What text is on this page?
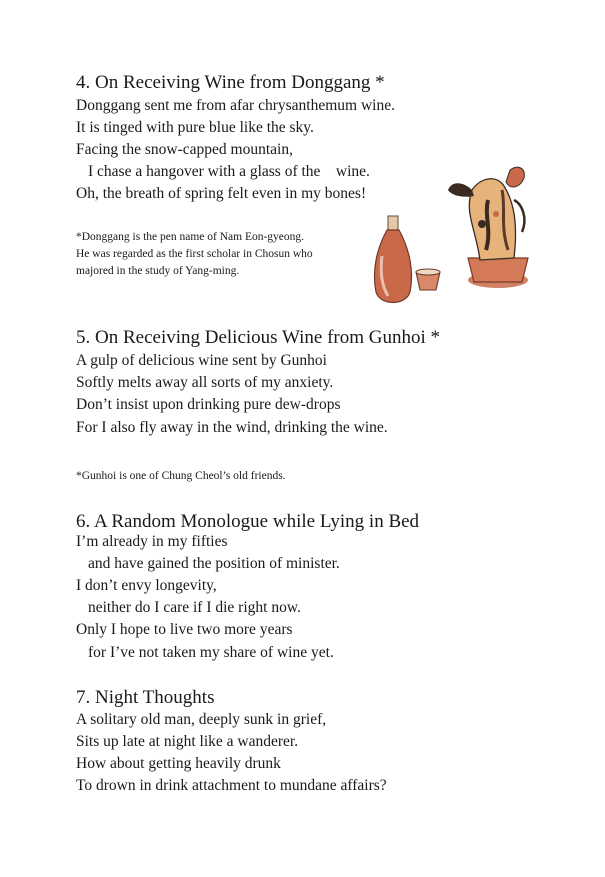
4. On Receiving Wine from Donggang *
Donggang sent me from afar chrysanthemum wine.
It is tinged with pure blue like the sky.
Facing the snow-capped mountain,
I chase a hangover with a glass of the    wine.
Oh, the breath of spring felt even in my bones!
*Donggang is the pen name of Nam Eon-gyeong.
He was regarded as the first scholar in Chosun who
majored in the study of Yang-ming.
5. On Receiving Delicious Wine from Gunhoi *
A gulp of delicious wine sent by Gunhoi
Softly melts away all sorts of my anxiety.
Don’t insist upon drinking pure dew-drops
For I also fly away in the wind, drinking the wine.
*Gunhoi is one of Chung Cheol’s old friends.
6. A Random Monologue while Lying in Bed
I’m already in my fifties
and have gained the position of minister.
I don’t envy longevity,
neither do I care if I die right now.
Only I hope to live two more years
for I’ve not taken my share of wine yet.
7. Night Thoughts
A solitary old man, deeply sunk in grief,
Sits up late at night like a wanderer.
How about getting heavily drunk
To drown in drink attachment to mundane affairs?
